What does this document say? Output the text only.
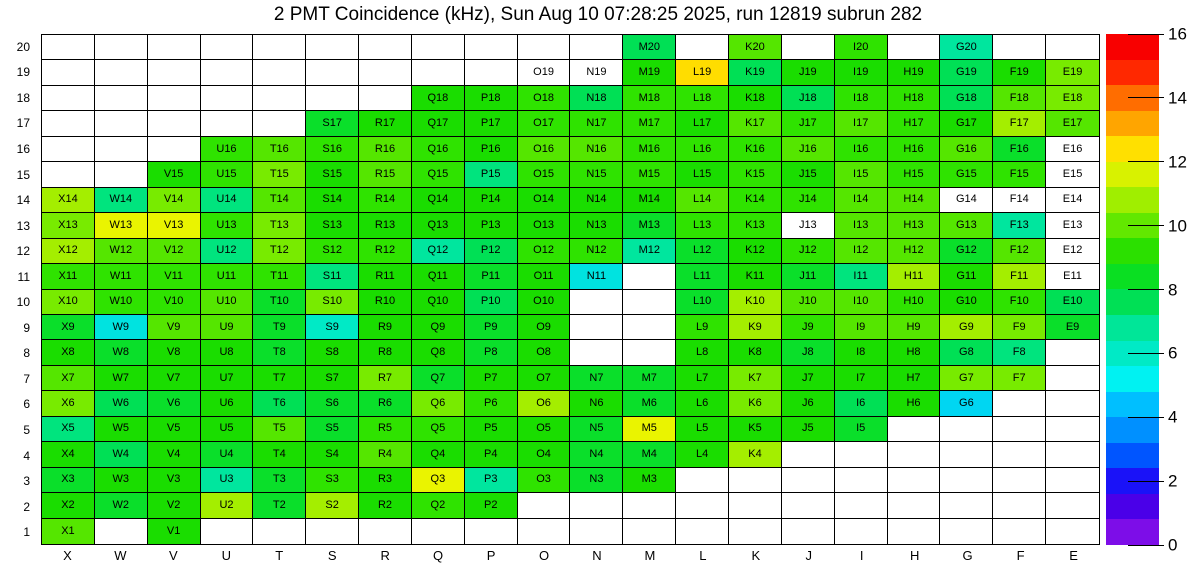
2 PMT Coincidence (kHz), Sun Aug 10 07:28:25 2025, run 12819 subrun 282
20
19
18
17
16
15
14
13
12
11
10
9
8
7
6
5
4
3
2
1
M20	K20	I20	G20
O19	N19	M19	L19	K19	J19	I19	H19	G19	F19	E19
Q18	P18	O18	N18	M18	L18	K18	J18	I18	H18	G18	F18	E18
S17	R17	Q17	P17	O17	N17	M17	L17	K17	J17	I17	H17	G17	F17	E17
U16	T16	S16	R16	Q16	P16	O16	N16	M16	L16	K16	J16	I16	H16	G16	F16	E16
V15	U15	T15	S15	R15	Q15	P15	O15	N15	M15	L15	K15	J15	I15	H15	G15	F15	E15
X14	W14	V14	U14	T14	S14	R14	Q14	P14	O14	N14	M14	L14	K14	J14	I14	H14	G14	F14	E14
X13	W13	V13	U13	T13	S13	R13	Q13	P13	O13	N13	M13	L13	K13	J13	I13	H13	G13	F13	E13
X12	W12	V12	U12	T12	S12	R12	Q12	P12	O12	N12	M12	L12	K12	J12	I12	H12	G12	F12	E12
X11	W11	V11	U11	T11	S11	R11	Q11	P11	O11	N11	L11	K11	J11	I11	H11	G11	F11	E11
X10	W10	V10	U10	T10	S10	R10	Q10	P10	O10	L10	K10	J10	I10	H10	G10	F10	E10
X9	W9	V9	U9	T9	S9	R9	Q9	P9	O9	L9	K9	J9	I9	H9	G9	F9	E9
X8	W8	V8	U8	T8	S8	R8	Q8	P8	O8	L8	K8	J8	I8	H8	G8	F8
X7	W7	V7	U7	T7	S7	R7	Q7	P7	O7	N7	M7	L7	K7	J7	I7	H7	G7	F7
X6	W6	V6	U6	T6	S6	R6	Q6	P6	O6	N6	M6	L6	K6	J6	I6	H6	G6
X5	W5	V5	U5	T5	S5	R5	Q5	P5	O5	N5	M5	L5	K5	J5	I5
X4	W4	V4	U4	T4	S4	R4	Q4	P4	O4	N4	M4	L4	K4
X3	W3	V3	U3	T3	S3	R3	Q3	P3	O3	N3	M3
X2	W2	V2	U2	T2	S2	R2	Q2	P2
X1	V1
X	W	V	U	T	S	R	Q	P	O	N	M	L	K	J	I	H	G	F	E
16
14
12
10
8
6
4
2
0
